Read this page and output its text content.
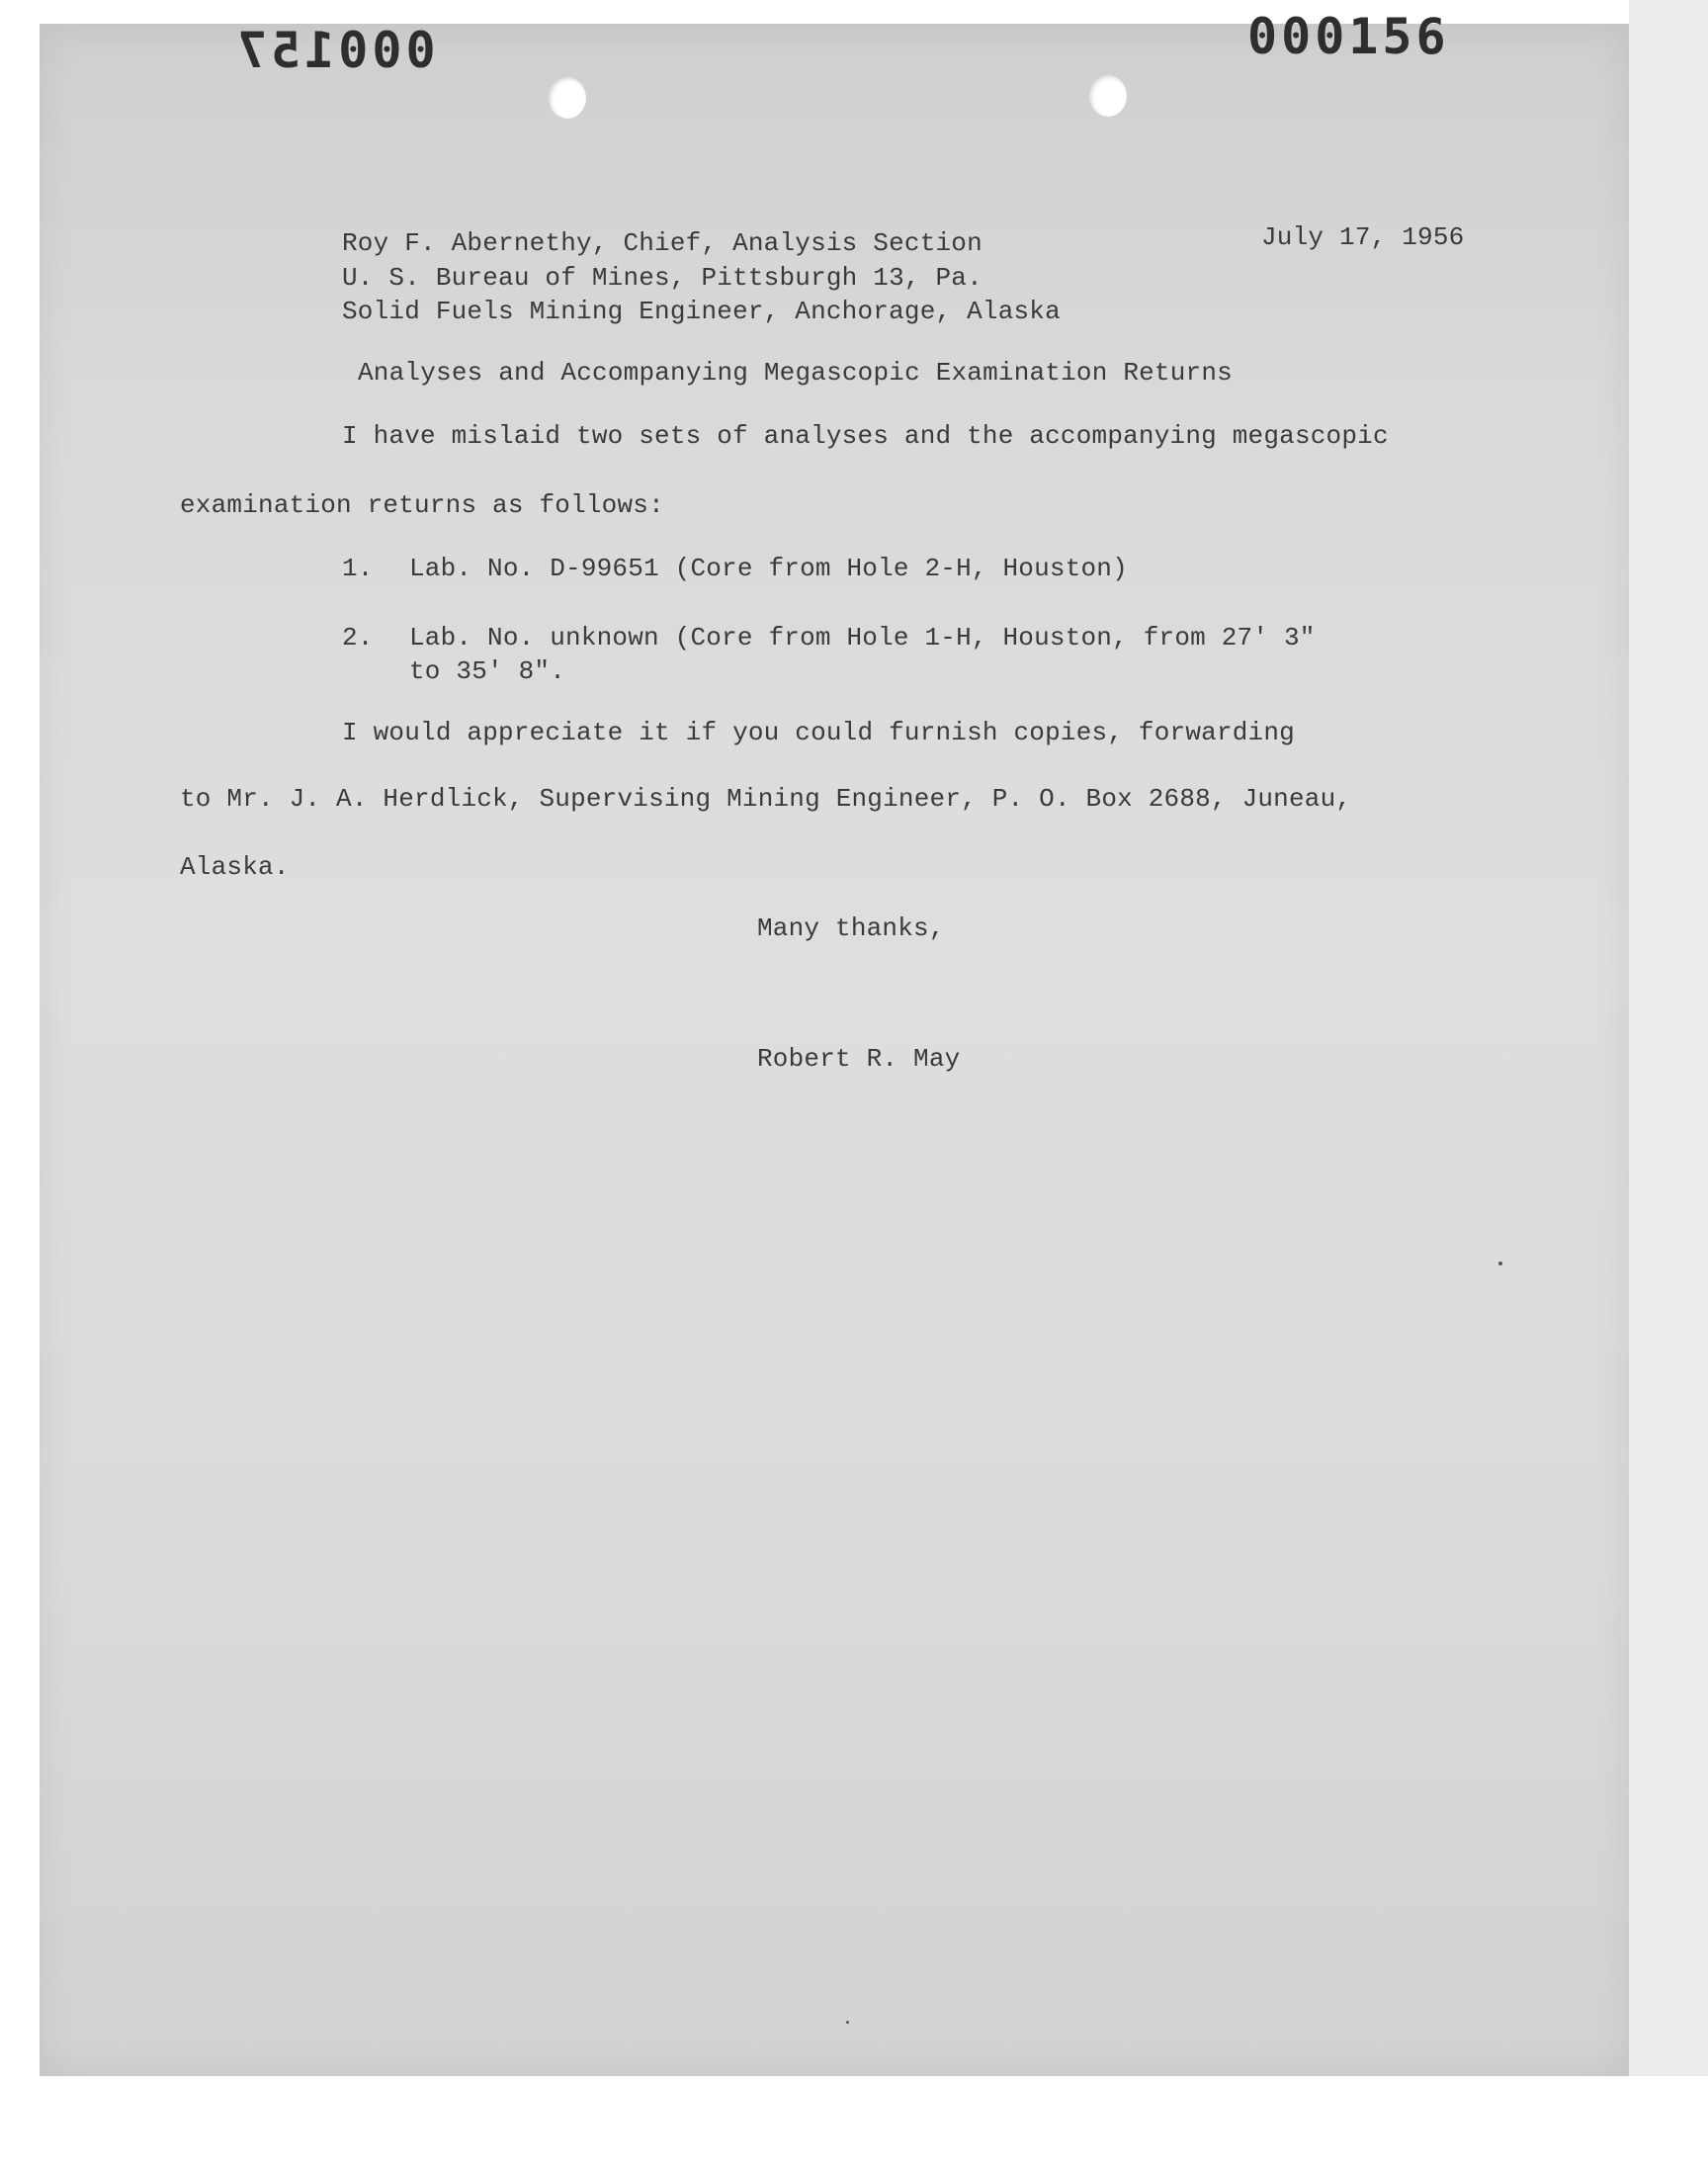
000157	000156
Roy F. Abernethy, Chief, Analysis Section	July 17, 1956
U. S. Bureau of Mines, Pittsburgh 13, Pa.
Solid Fuels Mining Engineer, Anchorage, Alaska
Analyses and Accompanying Megascopic Examination Returns
I have mislaid two sets of analyses and the accompanying megascopic
examination returns as follows:
1. Lab. No. D-99651 (Core from Hole 2-H, Houston)
2. Lab. No. unknown (Core from Hole 1-H, Houston, from 27' 3"
to 35' 8".
I would appreciate it if you could furnish copies, forwarding
to Mr. J. A. Herdlick, Supervising Mining Engineer, P. O. Box 2688, Juneau,
Alaska.
Many thanks,
Robert R. May
